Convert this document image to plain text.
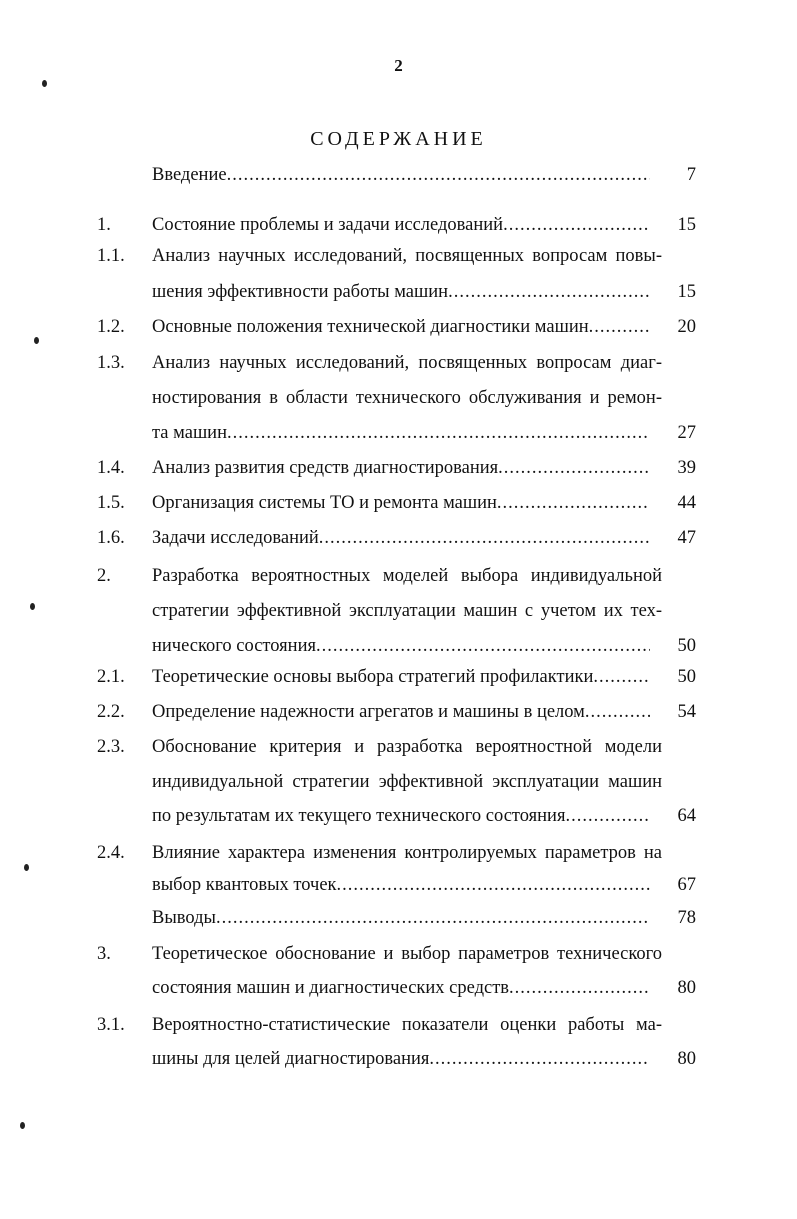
2
СОДЕРЖАНИЕ
Введение .....	7
1. Состояние проблемы и задачи исследований .....	15
1.1. Анализ научных исследований, посвященных вопросам повы-
шения эффективности работы машин .....	15
1.2. Основные положения технической диагностики машин .....	20
1.3. Анализ научных исследований, посвященных вопросам диаг-
ностирования в области технического обслуживания и ремон-
та машин .....	27
1.4. Анализ развития средств диагностирования .....	39
1.5. Организация системы ТО и ремонта машин .....	44
1.6. Задачи исследований .....	47
2. Разработка вероятностных моделей выбора индивидуальной
стратегии эффективной эксплуатации машин с учетом их тех-
нического состояния .....	50
2.1. Теоретические основы выбора стратегий профилактики .....	50
2.2. Определение надежности агрегатов и машины в целом .....	54
2.3. Обоснование критерия и разработка вероятностной модели
индивидуальной стратегии эффективной эксплуатации машин
по результатам их текущего технического состояния .....	64
2.4. Влияние характера изменения контролируемых параметров на
выбор квантовых точек .....	67
Выводы .....	78
3. Теоретическое обоснование и выбор параметров технического
состояния машин и диагностических средств .....	80
3.1. Вероятностно-статистические показатели оценки работы ма-
шины для целей диагностирования .....	80
